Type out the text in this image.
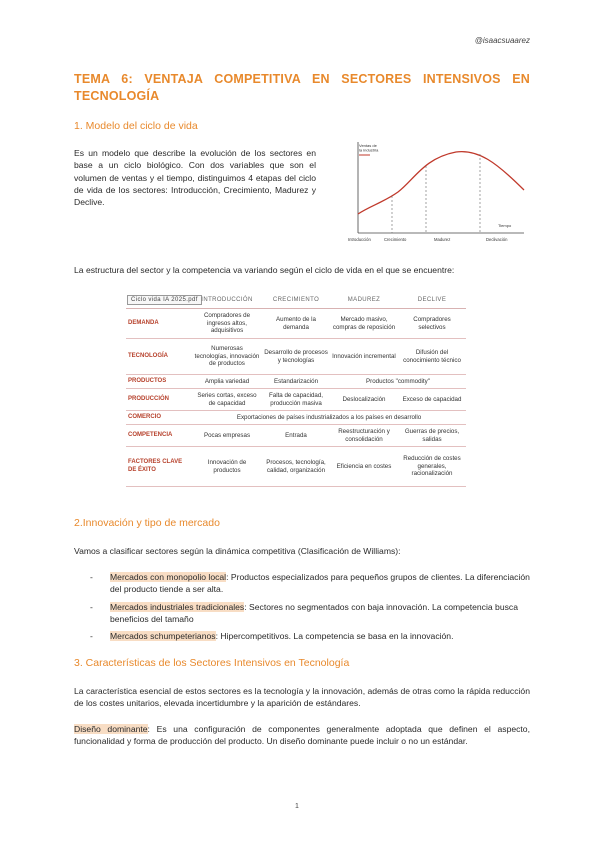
@isaacsuaarez
TEMA 6: VENTAJA COMPETITIVA EN SECTORES INTENSIVOS EN TECNOLOGÍA
1. Modelo del ciclo de vida

Es un modelo que describe la evolución de los sectores en base a un ciclo biológico. Con dos variables que son el volumen de ventas y el tiempo, distinguimos 4 etapas del ciclo de vida de los sectores: Introducción, Crecimiento, Madurez y Declive.

Ventas de
la industria
Tiempo
Introducción	Crecimiento	Madurez	Declivación

La estructura del sector y la competencia va variando según el ciclo de vida en el que se encuentre:

Ciclo vida IA 2025.pdf	INTRODUCCIÓN	CRECIMIENTO	MADUREZ	DECLIVE
DEMANDA	Compradores de ingresos altos, adquisitivos	Aumento de la demanda	Mercado masivo, compras de reposición	Compradores selectivos
TECNOLOGÍA	Numerosas tecnologías, innovación de productos	Desarrollo de procesos y tecnologías	Innovación incremental	Difusión del conocimiento técnico
PRODUCTOS	Amplia variedad	Estandarización	Productos "commodity"	
PRODUCCIÓN	Series cortas, exceso de capacidad	Falta de capacidad, producción masiva	Deslocalización	Exceso de capacidad
COMERCIO	Exportaciones de países industrializados a los países en desarrollo			
COMPETENCIA	Pocas empresas	Entrada	Reestructuración y consolidación	Guerras de precios, salidas
FACTORES CLAVE DE ÉXITO	Innovación de productos	Procesos, tecnología, calidad, organización	Eficiencia en costes	Reducción de costes generales, racionalización
2.Innovación y tipo de mercado

Vamos a clasificar sectores según la dinámica competitiva (Clasificación de Williams):

- Mercados con monopolio local: Productos especializados para pequeños grupos de clientes. La diferenciación del producto tiende a ser alta.
- Mercados industriales tradicionales: Sectores no segmentados con baja innovación. La competencia busca beneficios del tamaño
- Mercados schumpeterianos: Hipercompetitivos. La competencia se basa en la innovación.
3. Características de los Sectores Intensivos en Tecnología

La característica esencial de estos sectores es la tecnología y la innovación, además de otras como la rápida reducción de los costes unitarios, elevada incertidumbre y la aparición de estándares.

Diseño dominante: Es una configuración de componentes generalmente adoptada que definen el aspecto, funcionalidad y forma de producción del producto. Un diseño dominante puede incluir o no un estándar.

1
